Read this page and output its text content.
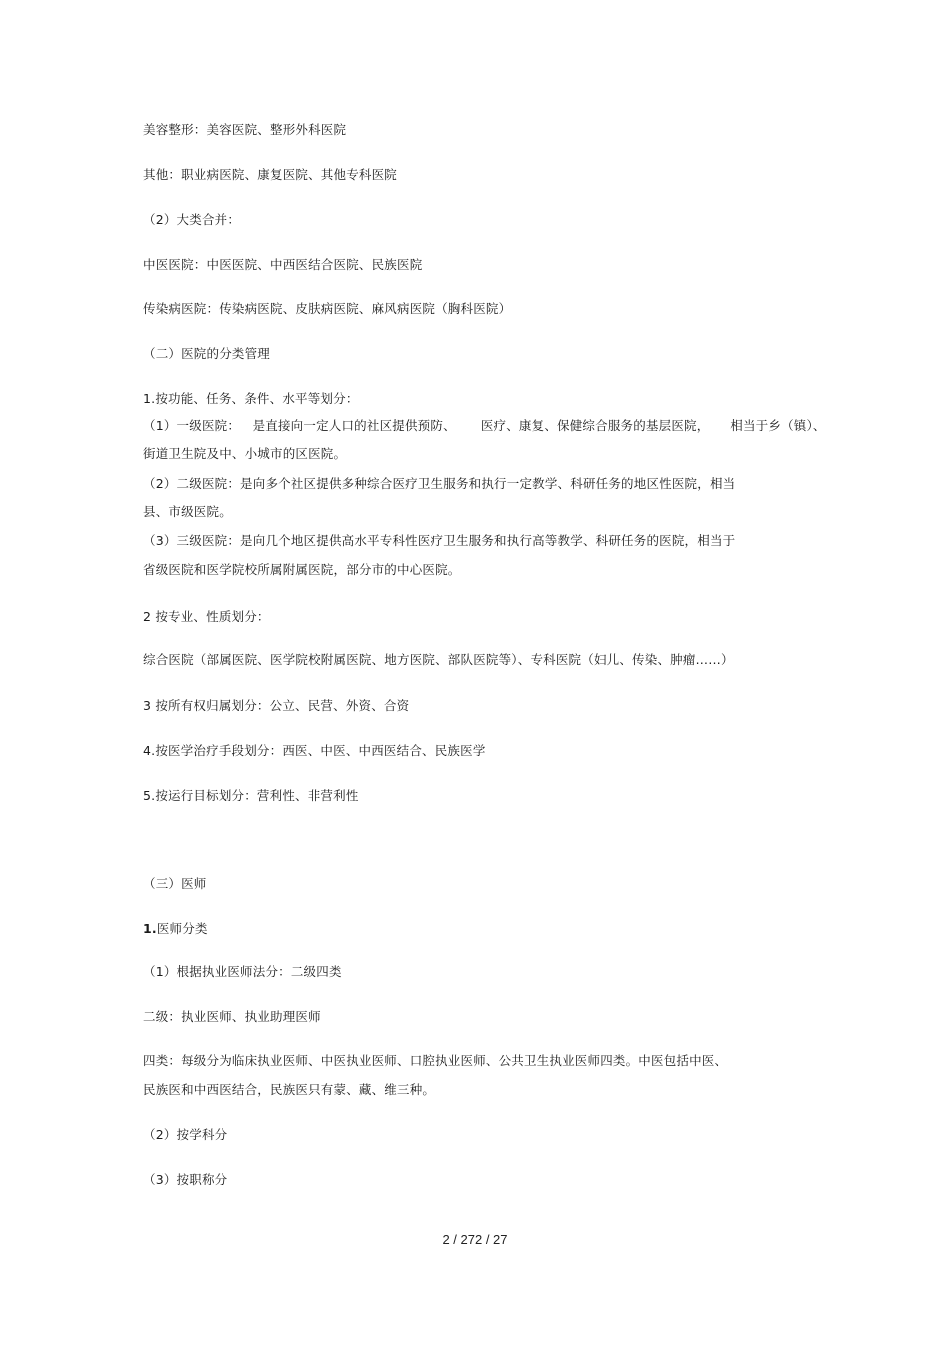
美容整形：美容医院、整形外科医院
其他：职业病医院、康复医院、其他专科医院
（2）大类合并：
中医医院：中医医院、中西医结合医院、民族医院
传染病医院：传染病医院、皮肤病医院、麻风病医院（胸科医院）
（二）医院的分类管理
1.按功能、任务、条件、水平等划分：
（1）一级医院：   是直接向一定人口的社区提供预防、      医疗、康复、保健综合服务的基层医院，     相当于乡（镇）、
街道卫生院及中、小城市的区医院。
（2）二级医院：是向多个社区提供多种综合医疗卫生服务和执行一定教学、科研任务的地区性医院，相当
县、市级医院。
（3）三级医院：是向几个地区提供高水平专科性医疗卫生服务和执行高等教学、科研任务的医院，相当于
省级医院和医学院校所属附属医院，部分市的中心医院。
2 按专业、性质划分：
综合医院（部属医院、医学院校附属医院、地方医院、部队医院等）、专科医院（妇儿、传染、肿瘤……）
3 按所有权归属划分：公立、民营、外资、合资
4.按医学治疗手段划分：西医、中医、中西医结合、民族医学
5.按运行目标划分：营利性、非营利性
（三）医师
1.医师分类
（1）根据执业医师法分：二级四类
二级：执业医师、执业助理医师
四类：每级分为临床执业医师、中医执业医师、口腔执业医师、公共卫生执业医师四类。中医包括中医、
民族医和中西医结合，民族医只有蒙、藏、维三种。
（2）按学科分
（3）按职称分
2 / 272 / 27
